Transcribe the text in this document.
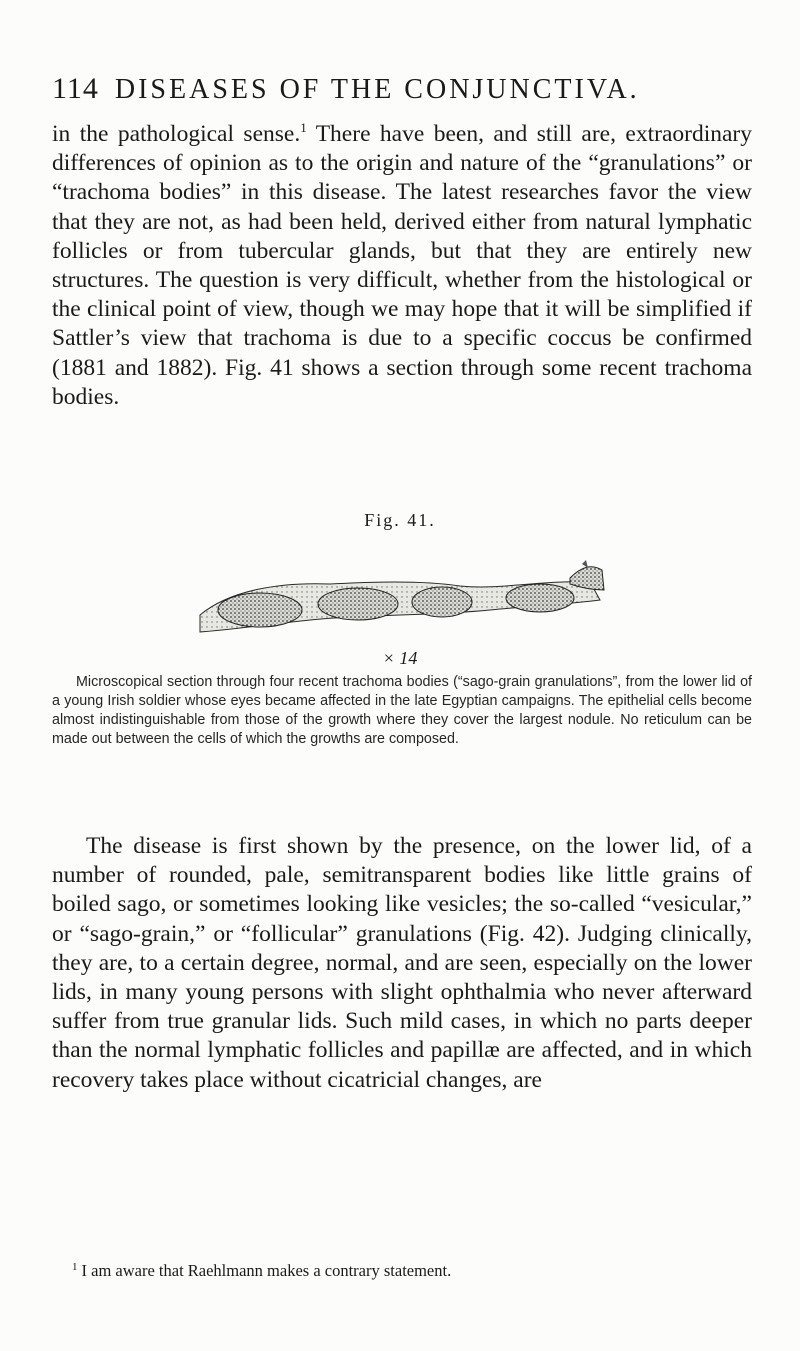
114 DISEASES OF THE CONJUNCTIVA.

in the pathological sense.$^1$ There have been, and still are, extraordinary differences of opinion as to the origin and nature of the “granulations” or “trachoma bodies” in this disease. The latest researches favor the view that they are not, as had been held, derived either from natural lymphatic follicles or from tubercular glands, but that they are entirely new structures. The question is very difficult, whether from the histological or the clinical point of view, though we may hope that it will be simplified if Sattler’s view that trachoma is due to a specific coccus be confirmed (1881 and 1882). Fig. 41 shows a section through some recent trachoma bodies.

Fig. 41.
× 14

Microscopical section through four recent trachoma bodies (“sago-grain granulations”, from the lower lid of a young Irish soldier whose eyes became affected in the late Egyptian campaigns. The epithelial cells become almost indistinguishable from those of the growth where they cover the largest nodule. No reticulum can be made out between the cells of which the growths are composed.

The disease is first shown by the presence, on the lower lid, of a number of rounded, pale, semitransparent bodies like little grains of boiled sago, or sometimes looking like vesicles; the so-called “vesicular,” or “sago-grain,” or “follicular” granulations (Fig. 42). Judging clinically, they are, to a certain degree, normal, and are seen, especially on the lower lids, in many young persons with slight ophthalmia who never afterward suffer from true granular lids. Such mild cases, in which no parts deeper than the normal lymphatic follicles and papillæ are affected, and in which recovery takes place without cicatricial changes, are

$^1$ I am aware that Raehlmann makes a contrary statement.
